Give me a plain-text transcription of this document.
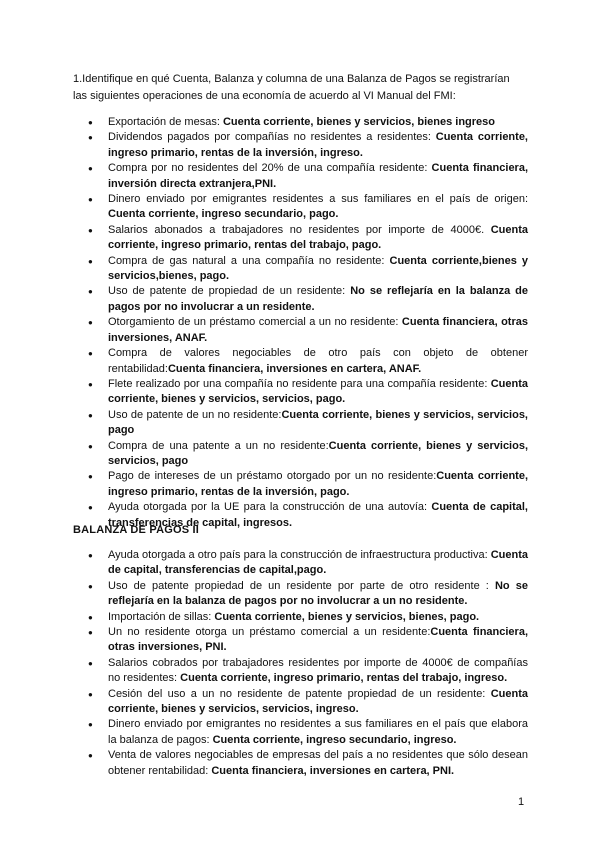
1.Identifique en qué Cuenta, Balanza y columna de una Balanza de Pagos se registrarían
las siguientes operaciones de una economía de acuerdo al VI Manual del FMI:

● Exportación de mesas: Cuenta corriente, bienes y servicios, bienes ingreso
● Dividendos pagados por compañías no residentes a residentes: Cuenta corriente, ingreso primario, rentas de la inversión, ingreso.
● Compra por no residentes del 20% de una compañía residente: Cuenta financiera, inversión directa extranjera,PNI.
● Dinero enviado por emigrantes residentes a sus familiares en el país de origen: Cuenta corriente, ingreso secundario, pago.
● Salarios abonados a trabajadores no residentes por importe de 4000€. Cuenta corriente, ingreso primario, rentas del trabajo, pago.
● Compra de gas natural a una compañía no residente: Cuenta corriente,bienes y servicios,bienes, pago.
● Uso de patente de propiedad de un residente: No se reflejaría en la balanza de pagos por no involucrar a un residente.
● Otorgamiento de un préstamo comercial a un no residente: Cuenta financiera, otras inversiones, ANAF.
● Compra de valores negociables de otro país con objeto de obtener rentabilidad:Cuenta financiera, inversiones en cartera, ANAF.
● Flete realizado por una compañía no residente para una compañía residente: Cuenta corriente, bienes y servicios, servicios, pago.
● Uso de patente de un no residente:Cuenta corriente, bienes y servicios, servicios, pago
● Compra de una patente a un no residente:Cuenta corriente, bienes y servicios, servicios, pago
● Pago de intereses de un préstamo otorgado por un no residente:Cuenta corriente, ingreso primario, rentas de la inversión, pago.
● Ayuda otorgada por la UE para la construcción de una autovía: Cuenta de capital, transferencias de capital, ingresos.

BALANZA DE PAGOS II

● Ayuda otorgada a otro país para la construcción de infraestructura productiva: Cuenta de capital, transferencias de capital,pago.
● Uso de patente propiedad de un residente por parte de otro residente : No se reflejaría en la balanza de pagos por no involucrar a un no residente.
● Importación de sillas: Cuenta corriente, bienes y servicios, bienes, pago.
● Un no residente otorga un préstamo comercial a un residente:Cuenta financiera, otras inversiones, PNI.
● Salarios cobrados por trabajadores residentes por importe de 4000€ de compañías no residentes: Cuenta corriente, ingreso primario, rentas del trabajo, ingreso.
● Cesión del uso a un no residente de patente propiedad de un residente: Cuenta corriente, bienes y servicios, servicios, ingreso.
● Dinero enviado por emigrantes no residentes a sus familiares en el país que elabora la balanza de pagos: Cuenta corriente, ingreso secundario, ingreso.
● Venta de valores negociables de empresas del país a no residentes que sólo desean obtener rentabilidad: Cuenta financiera, inversiones en cartera, PNI.
1
